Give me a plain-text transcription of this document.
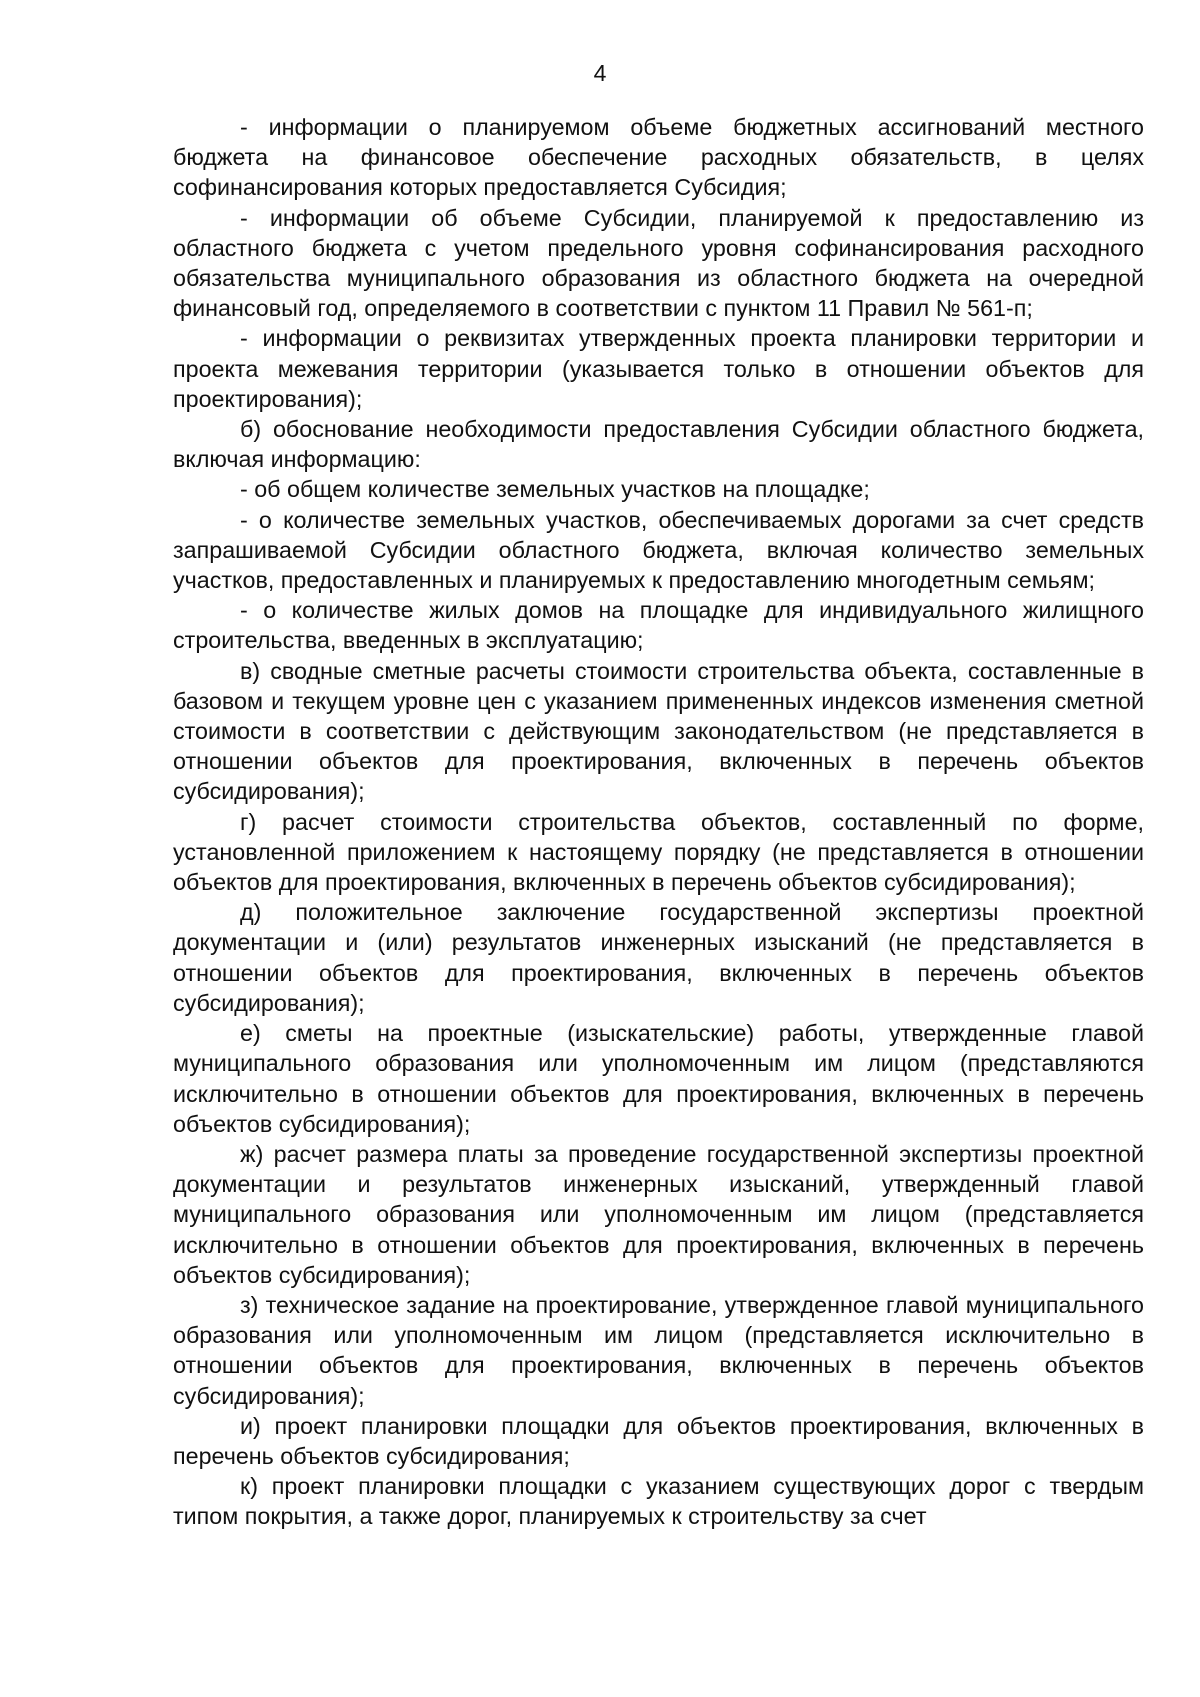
4

- информации о планируемом объеме бюджетных ассигнований местного бюджета на финансовое обеспечение расходных обязательств, в целях софинансирования которых предоставляется Субсидия;

- информации об объеме Субсидии, планируемой к предоставлению из областного бюджета с учетом предельного уровня софинансирования расходного обязательства муниципального образования из областного бюджета на очередной финансовый год, определяемого в соответствии с пунктом 11 Правил № 561-п;

- информации о реквизитах утвержденных проекта планировки территории и проекта межевания территории (указывается только в отношении объектов для проектирования);

б) обоснование необходимости предоставления Субсидии областного бюджета, включая информацию:

- об общем количестве земельных участков на площадке;

- о количестве земельных участков, обеспечиваемых дорогами за счет средств запрашиваемой Субсидии областного бюджета, включая количество земельных участков, предоставленных и планируемых к предоставлению многодетным семьям;

- о количестве жилых домов на площадке для индивидуального жилищного строительства, введенных в эксплуатацию;

в) сводные сметные расчеты стоимости строительства объекта, составленные в базовом и текущем уровне цен с указанием примененных индексов изменения сметной стоимости в соответствии с действующим законодательством (не представляется в отношении объектов для проектирования, включенных в перечень объектов субсидирования);

г) расчет стоимости строительства объектов, составленный по форме, установленной приложением к настоящему порядку (не представляется в отношении объектов для проектирования, включенных в перечень объектов субсидирования);

д) положительное заключение государственной экспертизы проектной документации и (или) результатов инженерных изысканий (не представляется в отношении объектов для проектирования, включенных в перечень объектов субсидирования);

е) сметы на проектные (изыскательские) работы, утвержденные главой муниципального образования или уполномоченным им лицом (представляются исключительно в отношении объектов для проектирования, включенных в перечень объектов субсидирования);

ж) расчет размера платы за проведение государственной экспертизы проектной документации и результатов инженерных изысканий, утвержденный главой муниципального образования или уполномоченным им лицом (представляется исключительно в отношении объектов для проектирования, включенных в перечень объектов субсидирования);

з) техническое задание на проектирование, утвержденное главой муниципального образования или уполномоченным им лицом (представляется исключительно в отношении объектов для проектирования, включенных в перечень объектов субсидирования);

и) проект планировки площадки для объектов проектирования, включенных в перечень объектов субсидирования;

к) проект планировки площадки с указанием существующих дорог с твердым типом покрытия, а также дорог, планируемых к строительству за счет
